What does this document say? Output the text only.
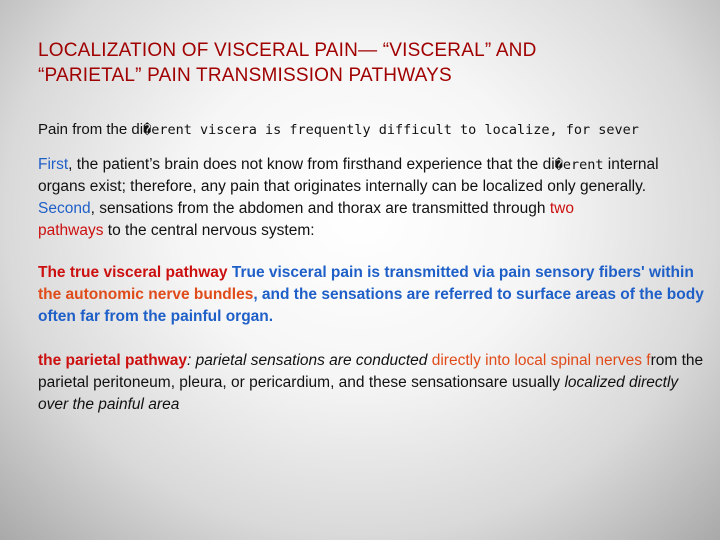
LOCALIZATION OF VISCERAL PAIN— “VISCERAL” AND
“PARIETAL” PAIN TRANSMISSION PATHWAYS
Pain from the di�erent viscera is frequently difficult to localize, for sever

First, the patient’s brain does not know from firsthand experience that the di�erent internal organs exist; therefore, any pain that originates internally can be localized only generally.
Second, sensations from the abdomen and thorax are transmitted through two
pathways to the central nervous system:

The true visceral pathway True visceral pain is transmitted via pain sensory fibers' within the autonomic nerve bundles, and the sensations are referred to surface areas of the body often far from the painful organ.

the parietal pathway: parietal sensations are conducted directly into local spinal nerves from the parietal peritoneum, pleura, or pericardium, and these sensationsare usually localized directly over the painful area
